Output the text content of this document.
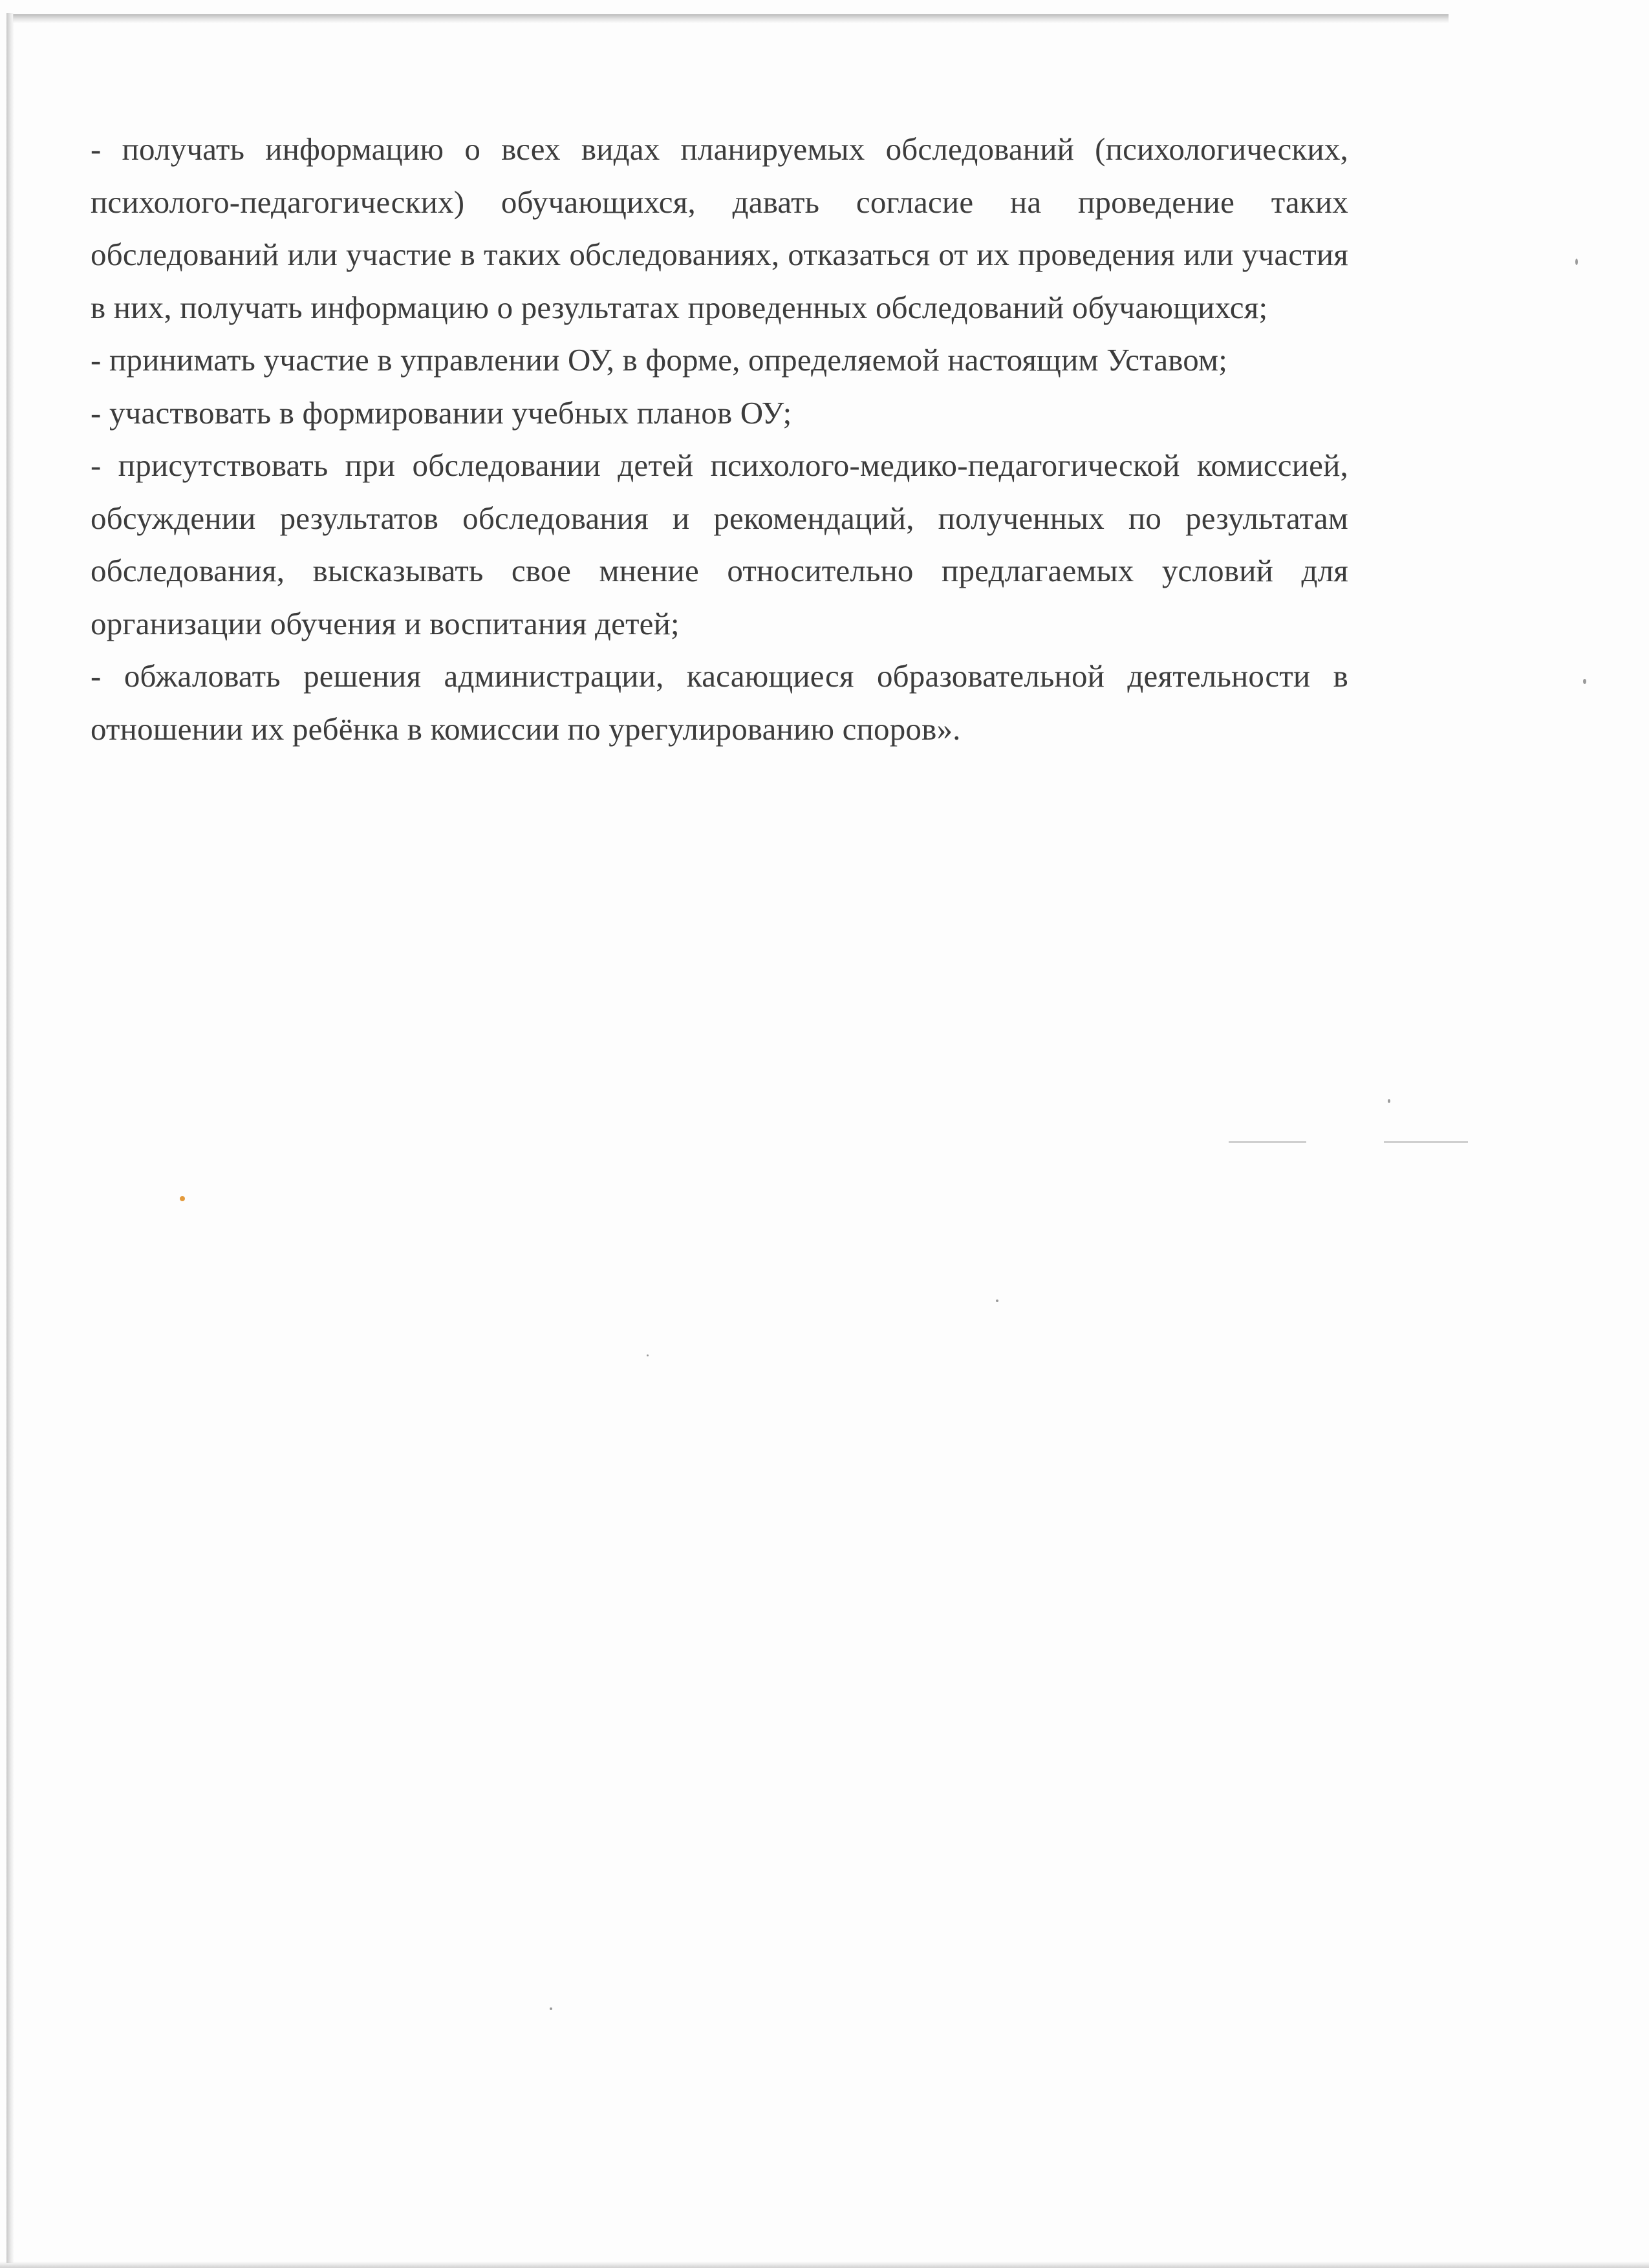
- получать информацию о всех видах планируемых обследований (психологических, психолого-педагогических) обучающихся, давать согласие на проведение таких обследований или участие в таких обследованиях, отказаться от их проведения или участия в них, получать информацию о результатах проведенных обследований обучающихся;

- принимать участие в управлении ОУ, в форме, определяемой настоящим Уставом;

- участвовать в формировании учебных планов ОУ;

- присутствовать при обследовании детей психолого-медико-педагогической комиссией, обсуждении результатов обследования и рекомендаций, полученных по результатам обследования, высказывать свое мнение относительно предлагаемых условий для организации обучения и воспитания детей;

- обжаловать решения администрации, касающиеся образовательной деятельности в отношении их ребёнка в комиссии по урегулированию споров».
